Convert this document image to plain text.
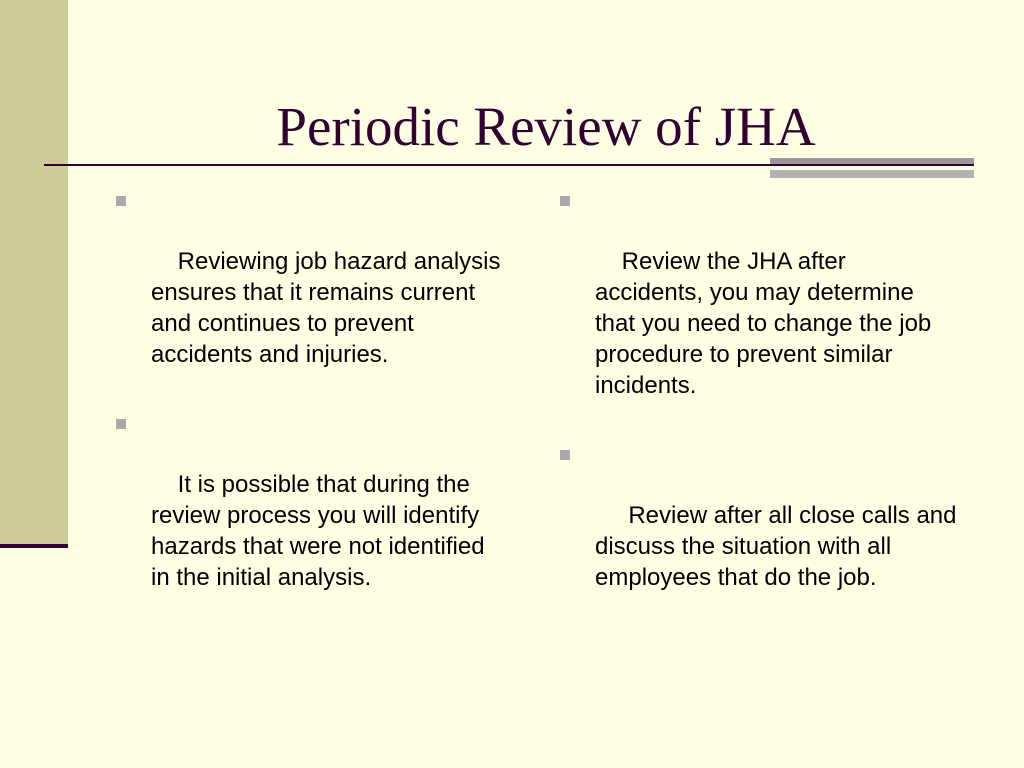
Periodic Review of JHA

Reviewing job hazard analysis ensures that it remains current and continues to prevent accidents and injuries.

It is possible that during the review process you will identify hazards that were not identified in the initial analysis.

Review the JHA after accidents, you may determine that you need to change the job procedure to prevent similar incidents.

Review after all close calls and discuss the situation with all employees that do the job.
